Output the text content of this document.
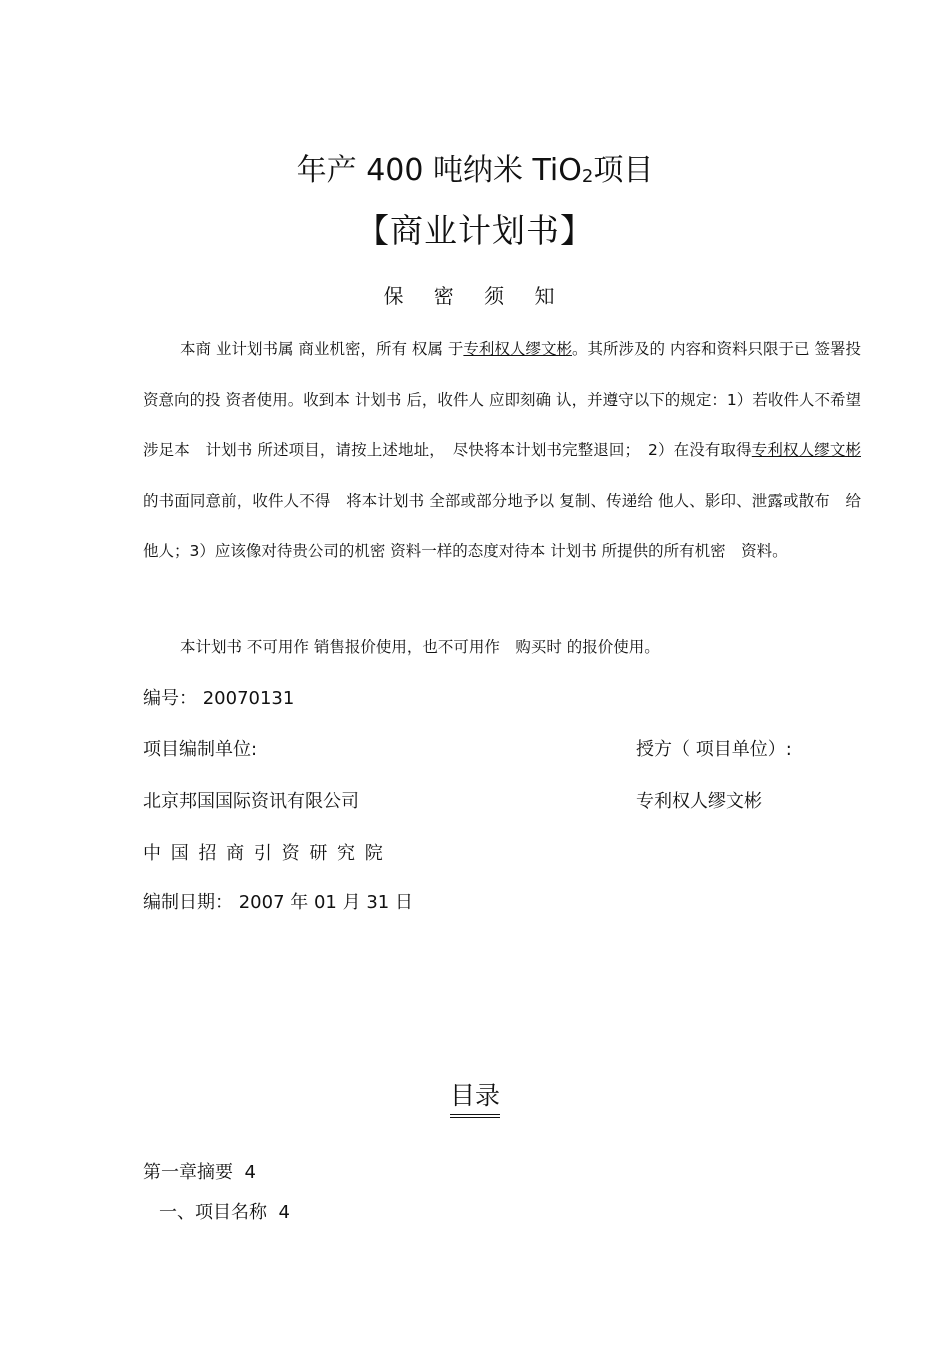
年产 400 吨纳米 TiO$_2$项目
【商业计划书】
保 密 须 知
本商 业计划书属 商业机密，所有 权属 于专利权人缪文彬。其所涉及的 内容和资料只限于已 签署投资意向的投 资者使用。收到本 计划书 后，收件人 应即刻确 认，并遵守以下的规定：1）若收件人不希望涉足本　计划书 所述项目，请按上述地址，　尽快将本计划书完整退回；　2）在没有取得专利权人缪文彬的书面同意前，收件人不得　将本计划书 全部或部分地予以 复制、传递给 他人、影印、泄露或散布　给他人；3）应该像对待贵公司的机密 资料一样的态度对待本 计划书 所提供的所有机密　资料。
本计划书 不可用作 销售报价使用，也不可用作　购买时 的报价使用。
编号： 20070131
项目编制单位:	授方（ 项目单位）:
北京邦国国际资讯有限公司	专利权人缪文彬
中 国 招 商 引 资 研 究 院
编制日期： 2007 年 01 月 31 日
目录
第一章摘要 4
一、项目名称 4
